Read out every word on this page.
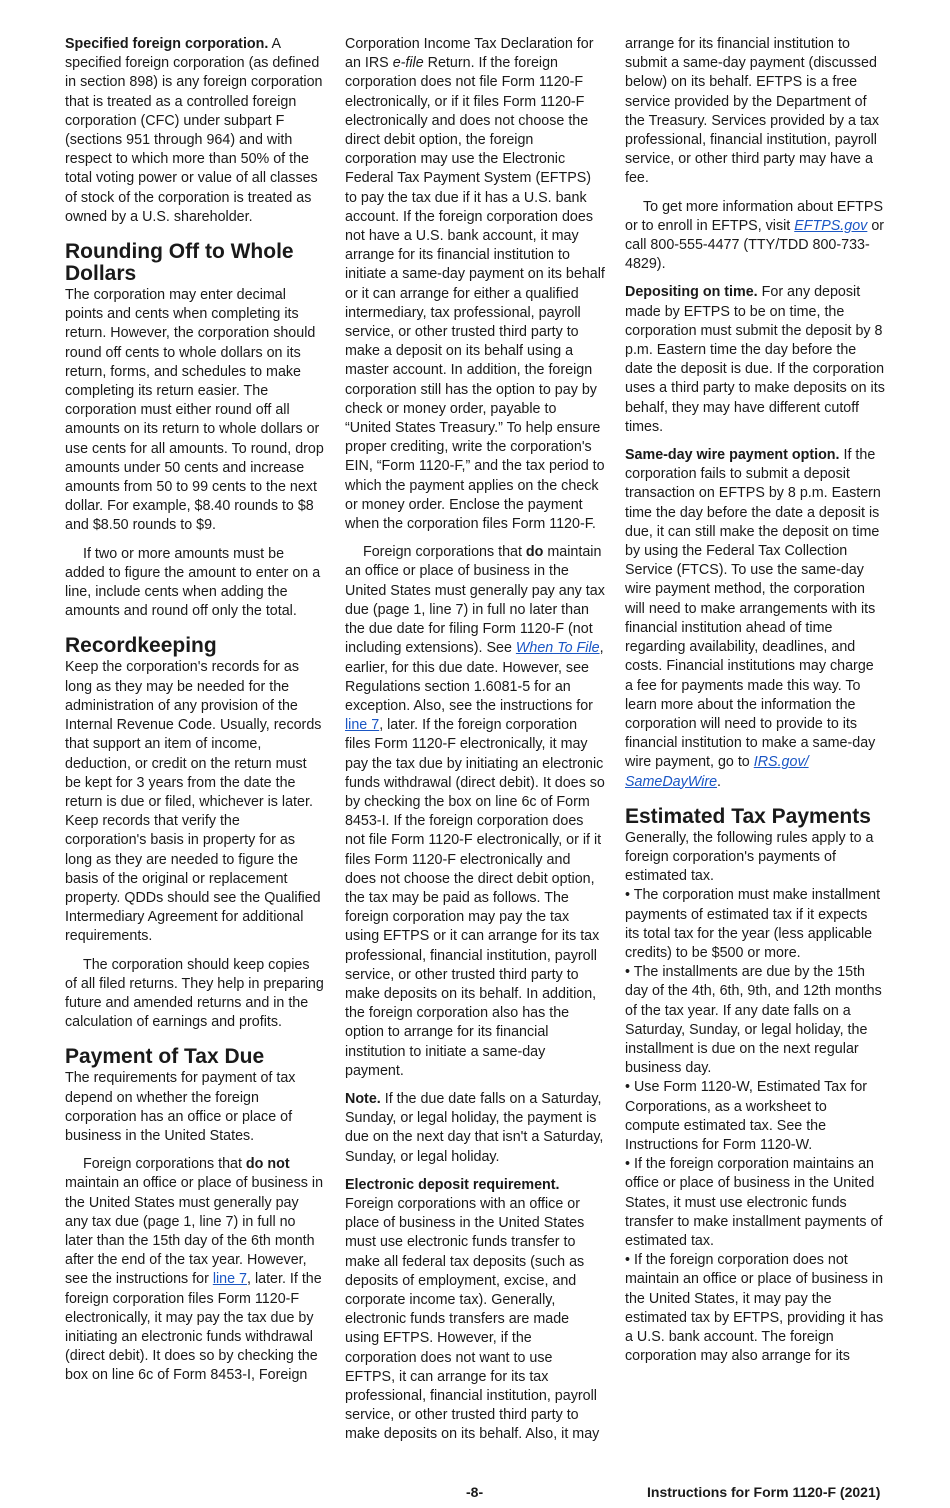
Specified foreign corporation. A specified foreign corporation (as defined in section 898) is any foreign corporation that is treated as a controlled foreign corporation (CFC) under subpart F (sections 951 through 964) and with respect to which more than 50% of the total voting power or value of all classes of stock of the corporation is treated as owned by a U.S. shareholder.

Rounding Off to Whole Dollars

The corporation may enter decimal points and cents when completing its return. However, the corporation should round off cents to whole dollars on its return, forms, and schedules to make completing its return easier. The corporation must either round off all amounts on its return to whole dollars or use cents for all amounts. To round, drop amounts under 50 cents and increase amounts from 50 to 99 cents to the next dollar. For example, $8.40 rounds to $8 and $8.50 rounds to $9.

If two or more amounts must be added to figure the amount to enter on a line, include cents when adding the amounts and round off only the total.

Recordkeeping

Keep the corporation's records for as long as they may be needed for the administration of any provision of the Internal Revenue Code. Usually, records that support an item of income, deduction, or credit on the return must be kept for 3 years from the date the return is due or filed, whichever is later. Keep records that verify the corporation's basis in property for as long as they are needed to figure the basis of the original or replacement property. QDDs should see the Qualified Intermediary Agreement for additional requirements.

The corporation should keep copies of all filed returns. They help in preparing future and amended returns and in the calculation of earnings and profits.

Payment of Tax Due

The requirements for payment of tax depend on whether the foreign corporation has an office or place of business in the United States.

Foreign corporations that do not maintain an office or place of business in the United States must generally pay any tax due (page 1, line 7) in full no later than the 15th day of the 6th month after the end of the tax year. However, see the instructions for line 7, later. If the foreign corporation files Form 1120-F electronically, it may pay the tax due by initiating an electronic funds withdrawal (direct debit). It does so by checking the box on line 6c of Form 8453-I, Foreign

Corporation Income Tax Declaration for an IRS e-file Return. If the foreign corporation does not file Form 1120-F electronically, or if it files Form 1120-F electronically and does not choose the direct debit option, the foreign corporation may use the Electronic Federal Tax Payment System (EFTPS) to pay the tax due if it has a U.S. bank account. If the foreign corporation does not have a U.S. bank account, it may arrange for its financial institution to initiate a same-day payment on its behalf or it can arrange for either a qualified intermediary, tax professional, payroll service, or other trusted third party to make a deposit on its behalf using a master account. In addition, the foreign corporation still has the option to pay by check or money order, payable to “United States Treasury.” To help ensure proper crediting, write the corporation's EIN, “Form 1120-F,” and the tax period to which the payment applies on the check or money order. Enclose the payment when the corporation files Form 1120-F.

Foreign corporations that do maintain an office or place of business in the United States must generally pay any tax due (page 1, line 7) in full no later than the due date for filing Form 1120-F (not including extensions). See When To File, earlier, for this due date. However, see Regulations section 1.6081-5 for an exception. Also, see the instructions for line 7, later. If the foreign corporation files Form 1120-F electronically, it may pay the tax due by initiating an electronic funds withdrawal (direct debit). It does so by checking the box on line 6c of Form 8453-I. If the foreign corporation does not file Form 1120-F electronically, or if it files Form 1120-F electronically and does not choose the direct debit option, the tax may be paid as follows. The foreign corporation may pay the tax using EFTPS or it can arrange for its tax professional, financial institution, payroll service, or other trusted third party to make deposits on its behalf. In addition, the foreign corporation also has the option to arrange for its financial institution to initiate a same-day payment.

Note. If the due date falls on a Saturday, Sunday, or legal holiday, the payment is due on the next day that isn't a Saturday, Sunday, or legal holiday.

Electronic deposit requirement.

Foreign corporations with an office or place of business in the United States must use electronic funds transfer to make all federal tax deposits (such as deposits of employment, excise, and corporate income tax). Generally, electronic funds transfers are made using EFTPS. However, if the corporation does not want to use EFTPS, it can arrange for its tax professional, financial institution, payroll service, or other trusted third party to make deposits on its behalf. Also, it may

arrange for its financial institution to submit a same-day payment (discussed below) on its behalf. EFTPS is a free service provided by the Department of the Treasury. Services provided by a tax professional, financial institution, payroll service, or other third party may have a fee.

To get more information about EFTPS or to enroll in EFTPS, visit EFTPS.gov or call 800-555-4477 (TTY/TDD 800-733-4829).

Depositing on time. For any deposit made by EFTPS to be on time, the corporation must submit the deposit by 8 p.m. Eastern time the day before the date the deposit is due. If the corporation uses a third party to make deposits on its behalf, they may have different cutoff times.

Same-day wire payment option. If the corporation fails to submit a deposit transaction on EFTPS by 8 p.m. Eastern time the day before the date a deposit is due, it can still make the deposit on time by using the Federal Tax Collection Service (FTCS). To use the same-day wire payment method, the corporation will need to make arrangements with its financial institution ahead of time regarding availability, deadlines, and costs. Financial institutions may charge a fee for payments made this way. To learn more about the information the corporation will need to provide to its financial institution to make a same-day wire payment, go to IRS.gov/ SameDayWire.

Estimated Tax Payments

Generally, the following rules apply to a foreign corporation's payments of estimated tax.

• The corporation must make installment payments of estimated tax if it expects its total tax for the year (less applicable credits) to be $500 or more.

• The installments are due by the 15th day of the 4th, 6th, 9th, and 12th months of the tax year. If any date falls on a Saturday, Sunday, or legal holiday, the installment is due on the next regular business day.

• Use Form 1120-W, Estimated Tax for Corporations, as a worksheet to compute estimated tax. See the Instructions for Form 1120-W.

• If the foreign corporation maintains an office or place of business in the United States, it must use electronic funds transfer to make installment payments of estimated tax.

• If the foreign corporation does not maintain an office or place of business in the United States, it may pay the estimated tax by EFTPS, providing it has a U.S. bank account. The foreign corporation may also arrange for its

-8-	Instructions for Form 1120-F (2021)
